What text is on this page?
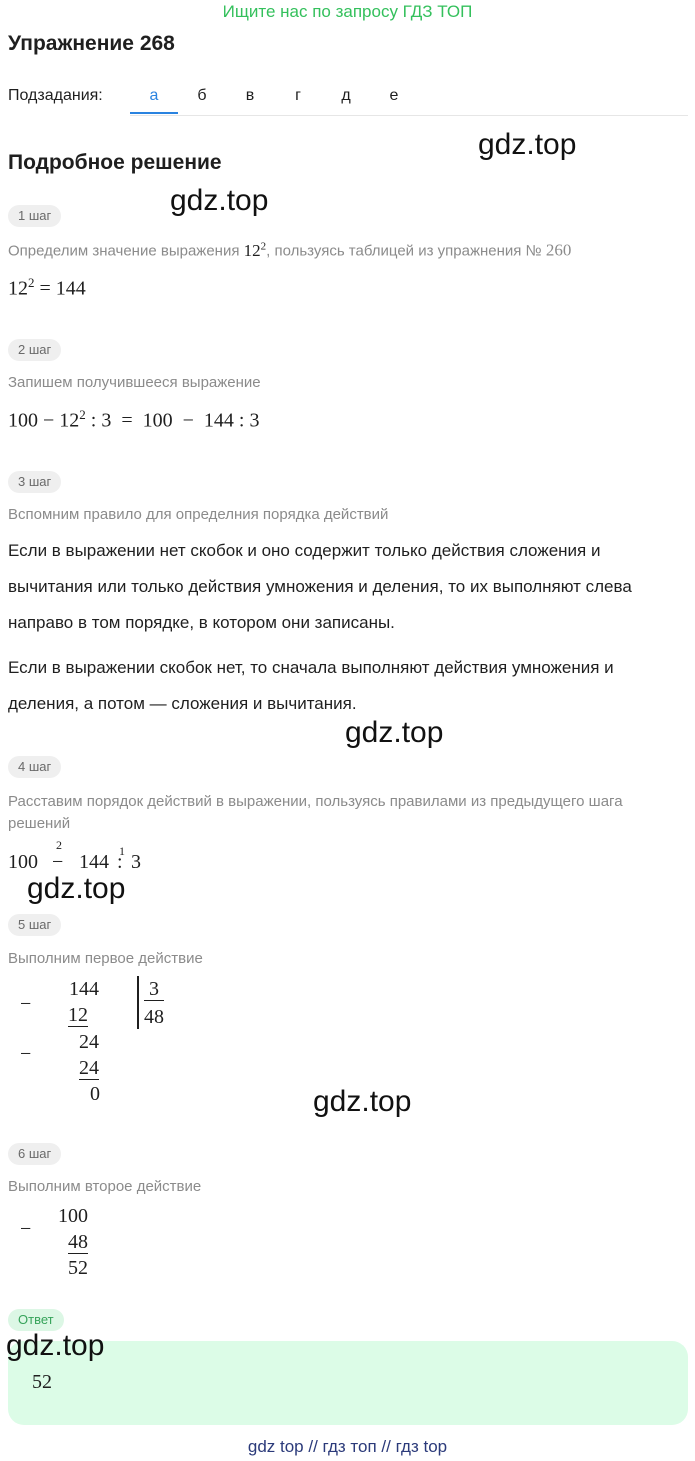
Ищите нас по запросу ГДЗ ТОП
Упражнение 268
Подзадания:	а	б	в	г	д	е
Подробное решение
gdz.top
gdz.top
gdz.top
gdz.top
gdz.top
1 шаг
Определим значение выражения $12^2$, пользуясь таблицей из упражнения № 260
$12^2 = 144$
2 шаг
Запишем получившееся выражение
$100 - 12^2$ : 3  =  100  −  144 : 3
3 шаг
Вспомним правило для определния порядка действий
Если в выражении нет скобок и оно содержит только действия сложения и вычитания или только действия умножения и деления, то их выполняют слева направо в том порядке, в котором они записаны.
Если в выражении скобок нет, то сначала выполняют действия умножения и деления, а потом — сложения и вычитания.
4 шаг
Расставим порядок действий в выражении, пользуясь правилами из предыдущего шага решений
100 −
2
144 :
1 3
5 шаг
Выполним первое действие
−
144
12
−
24
24
0
3
48
6 шаг
Выполним второе действие
−
100
48
52
Ответ
52
gdz.top
gdz top // гдз топ // гдз top
